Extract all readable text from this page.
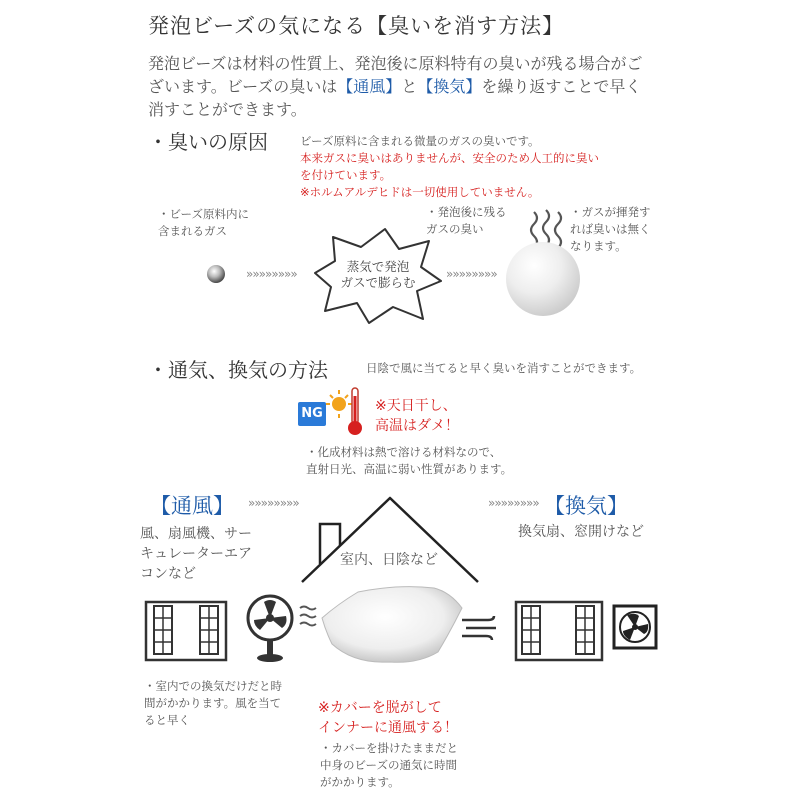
発泡ビーズの気になる【臭いを消す方法】
発泡ビーズは材料の性質上、発泡後に原料特有の臭いが残る場合がご
ざいます。ビーズの臭いは【通風】と【換気】を繰り返すことで早く
消すことができます。
・臭いの原因	ビーズ原料に含まれる微量のガスの臭いです。
本来ガスに臭いはありませんが、安全のため人工的に臭い
を付けています。
※ホルムアルデヒドは一切使用していません。
・ビーズ原料内に
含まれるガス
»»»»»»»»	蒸気で発泡
ガスで膨らむ
»»»»»»»»
・発泡後に残る
ガスの臭い
・ガスが揮発す
れば臭いは無く
なります。
・通気、換気の方法	日陰で風に当てると早く臭いを消すことができます。
NG	※天日干し、
高温はダメ！
・化成材料は熱で溶ける材料なので、
直射日光、高温に弱い性質があります。
【通風】 »»»»»»»»
風、扇風機、サー
キュレーターエア
コンなど
»»»»»»»» 【換気】
換気扇、窓開けなど
室内、日陰など
・室内での換気だけだと時
間がかかります。風を当て
ると早く
※カバーを脱がして
インナーに通風する！
・カバーを掛けたままだと
中身のビーズの通気に時間
がかかります。
